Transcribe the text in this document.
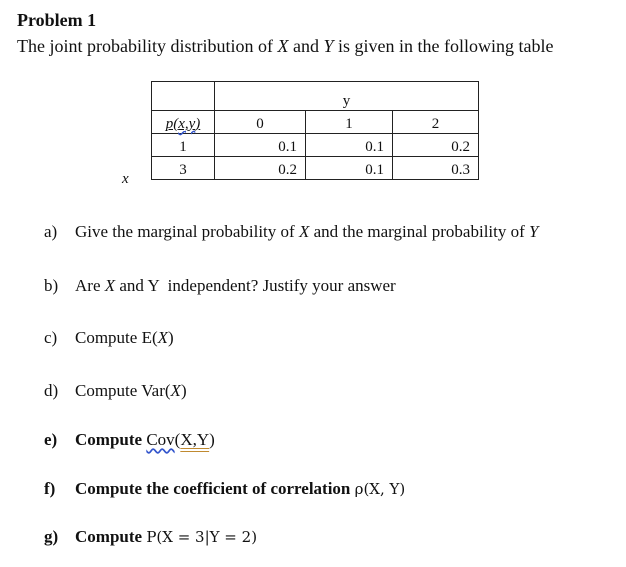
Problem 1
The joint probability distribution of X and Y is given in the following table
x
	y		
p(x,y)	0	1	2
1	0.1	0.1	0.2
3	0.2	0.1	0.3
a) Give the marginal probability of X and the marginal probability of Y
b) Are X and Y  independent? Justify your answer
c) Compute E(X)
d) Compute Var(X)
e) Compute Cov(X,Y)
f) Compute the coefficient of correlation ρ(X, Y)
g) Compute P(X = 3|Y = 2)
